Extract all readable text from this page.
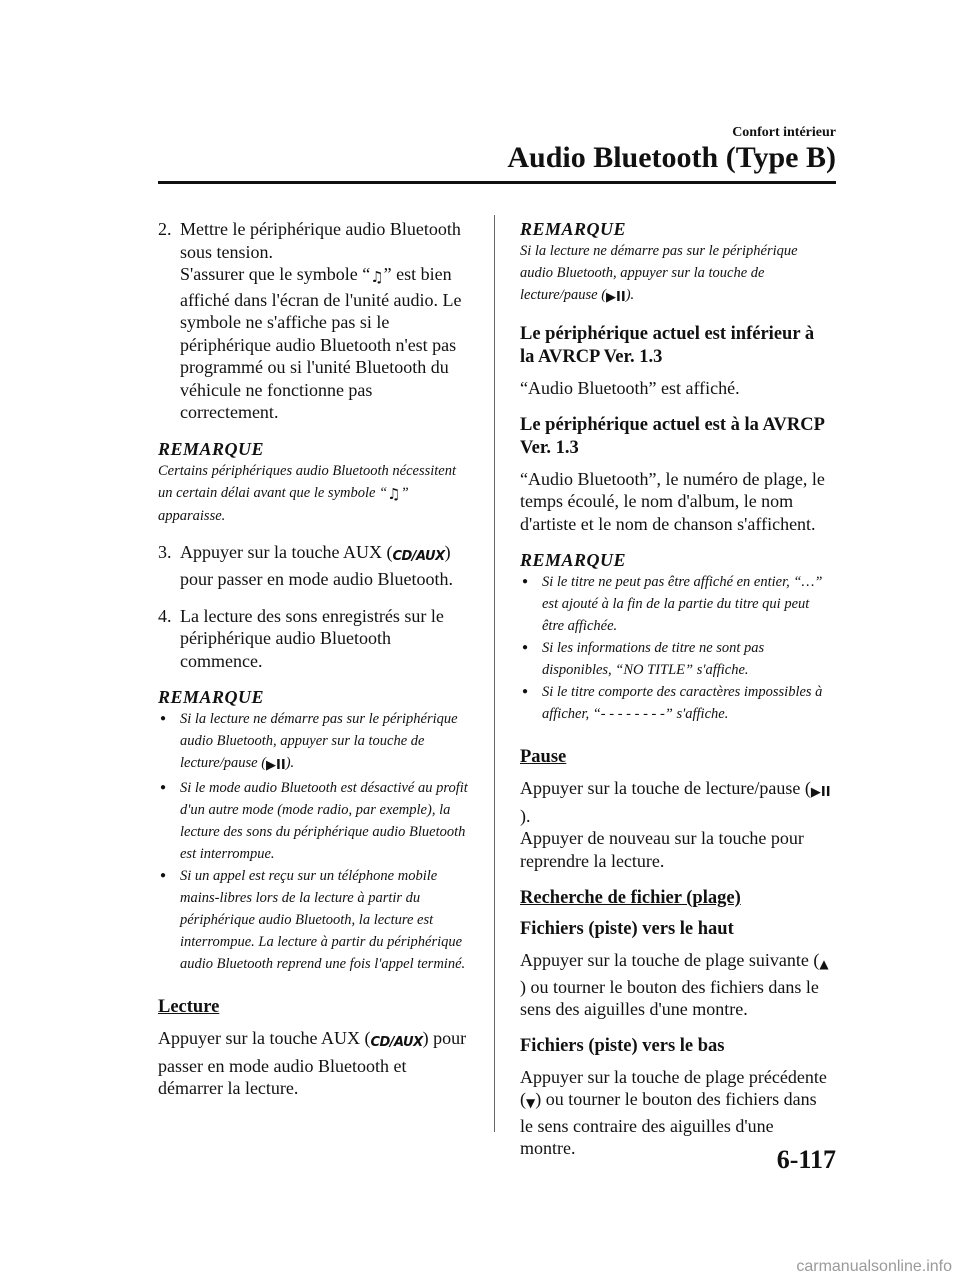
Confort intérieur
Audio Bluetooth (Type B)
2. Mettre le périphérique audio Bluetooth sous tension.

S'assurer que le symbole “♫” est bien affiché dans l'écran de l'unité audio. Le symbole ne s'affiche pas si le périphérique audio Bluetooth n'est pas programmé ou si l'unité Bluetooth du véhicule ne fonctionne pas correctement.

REMARQUE
Certains périphériques audio Bluetooth nécessitent un certain délai avant que le symbole “♫” apparaisse.
3. Appuyer sur la touche AUX (CD/AUX) pour passer en mode audio Bluetooth.

4. La lecture des sons enregistrés sur le périphérique audio Bluetooth commence.

REMARQUE
● Si la lecture ne démarre pas sur le périphérique audio Bluetooth, appuyer sur la touche de lecture/pause (▶II).
● Si le mode audio Bluetooth est désactivé au profit d'un autre mode (mode radio, par exemple), la lecture des sons du périphérique audio Bluetooth est interrompue.
● Si un appel est reçu sur un téléphone mobile mains-libres lors de la lecture à partir du périphérique audio Bluetooth, la lecture est interrompue. La lecture à partir du périphérique audio Bluetooth reprend une fois l'appel terminé.
Lecture

Appuyer sur la touche AUX (CD/AUX) pour passer en mode audio Bluetooth et démarrer la lecture.

REMARQUE
Si la lecture ne démarre pas sur le périphérique audio Bluetooth, appuyer sur la touche de lecture/pause (▶II).
Le périphérique actuel est inférieur à la AVRCP Ver. 1.3

“Audio Bluetooth” est affiché.

Le périphérique actuel est à la AVRCP Ver. 1.3

“Audio Bluetooth”, le numéro de plage, le temps écoulé, le nom d'album, le nom d'artiste et le nom de chanson s'affichent.

REMARQUE
● Si le titre ne peut pas être affiché en entier, “…” est ajouté à la fin de la partie du titre qui peut être affichée.
● Si les informations de titre ne sont pas disponibles, “NO TITLE” s'affiche.
● Si le titre comporte des caractères impossibles à afficher, “- - - - - - - -” s'affiche.
Pause

Appuyer sur la touche de lecture/pause (▶II).

Appuyer de nouveau sur la touche pour reprendre la lecture.

Recherche de fichier (plage)
Fichiers (piste) vers le haut

Appuyer sur la touche de plage suivante (▲) ou tourner le bouton des fichiers dans le sens des aiguilles d'une montre.

Fichiers (piste) vers le bas

Appuyer sur la touche de plage précédente (▼) ou tourner le bouton des fichiers dans le sens contraire des aiguilles d'une montre.	6-117
carmanualsonline.info
